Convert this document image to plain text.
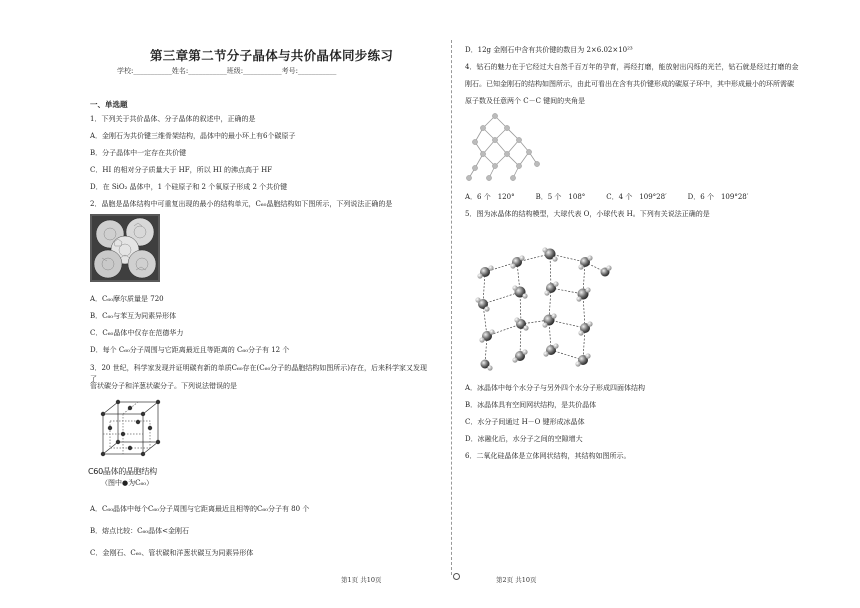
第三章第二节分子晶体与共价晶体同步练习
学校:___________姓名:___________班级:___________考号:___________
一、单选题
1．下列关于共价晶体、分子晶体的叙述中，正确的是
A．金刚石为共价键三维骨架结构，晶体中的最小环上有6个碳原子
B．分子晶体中一定存在共价键
C．HI 的相对分子质量大于 HF，所以 HI 的沸点高于 HF
D．在 SiO₂ 晶体中，1 个硅原子和 2 个氧原子形成 2 个共价键
2．晶胞是晶体结构中可重复出现的最小的结构单元，C₆₀晶胞结构如下图所示，下列说法正确的是
A．C₆₀摩尔质量是 720
B．C₆₀与苯互为同素异形体
C．C₆₀晶体中仅存在范德华力
D．每个 C₆₀分子周围与它距离最近且等距离的 C₆₀分子有 12 个
3．20 世纪，科学家发现并证明碳有新的单质C₆₀存在(C₆₀分子的晶胞结构如图所示)存在，后来科学家又发现了
管状碳分子和洋葱状碳分子。下列说法错误的是
C60晶体的晶胞结构
（图中●为C₆₀）
A．C₆₀晶体中每个C₆₀分子周围与它距离最近且相等的C₆₀分子有 80 个
B．熔点比较：C₆₀晶体<金刚石
C．金刚石、C₆₀、管状碳和洋葱状碳互为同素异形体
第1页 共10页
D．12g 金刚石中含有共价键的数目为 2×6.02×10²³
4．钻石的魅力在于它经过大自然千百万年的孕育，再经打磨，能放射出闪烁的光芒，钻石就是经过打磨的金
刚石。已知金刚石的结构如图所示，由此可看出在含有共价键形成的碳原子环中，其中形成最小的环所需碳
原子数及任意两个 C－C 键间的夹角是
A．6 个　120°　　　B．5 个　108°　　　C．4 个　109°28′　　　D．6 个　109°28′
5．图为冰晶体的结构模型，大球代表 O，小球代表 H。下列有关说法正确的是
A．冰晶体中每个水分子与另外四个水分子形成四面体结构
B．冰晶体具有空间网状结构，是共价晶体
C．水分子间通过 H－O 键形成冰晶体
D．冰融化后，水分子之间的空隙增大
6．二氧化硅晶体是立体网状结构，其结构如图所示。
第2页 共10页
